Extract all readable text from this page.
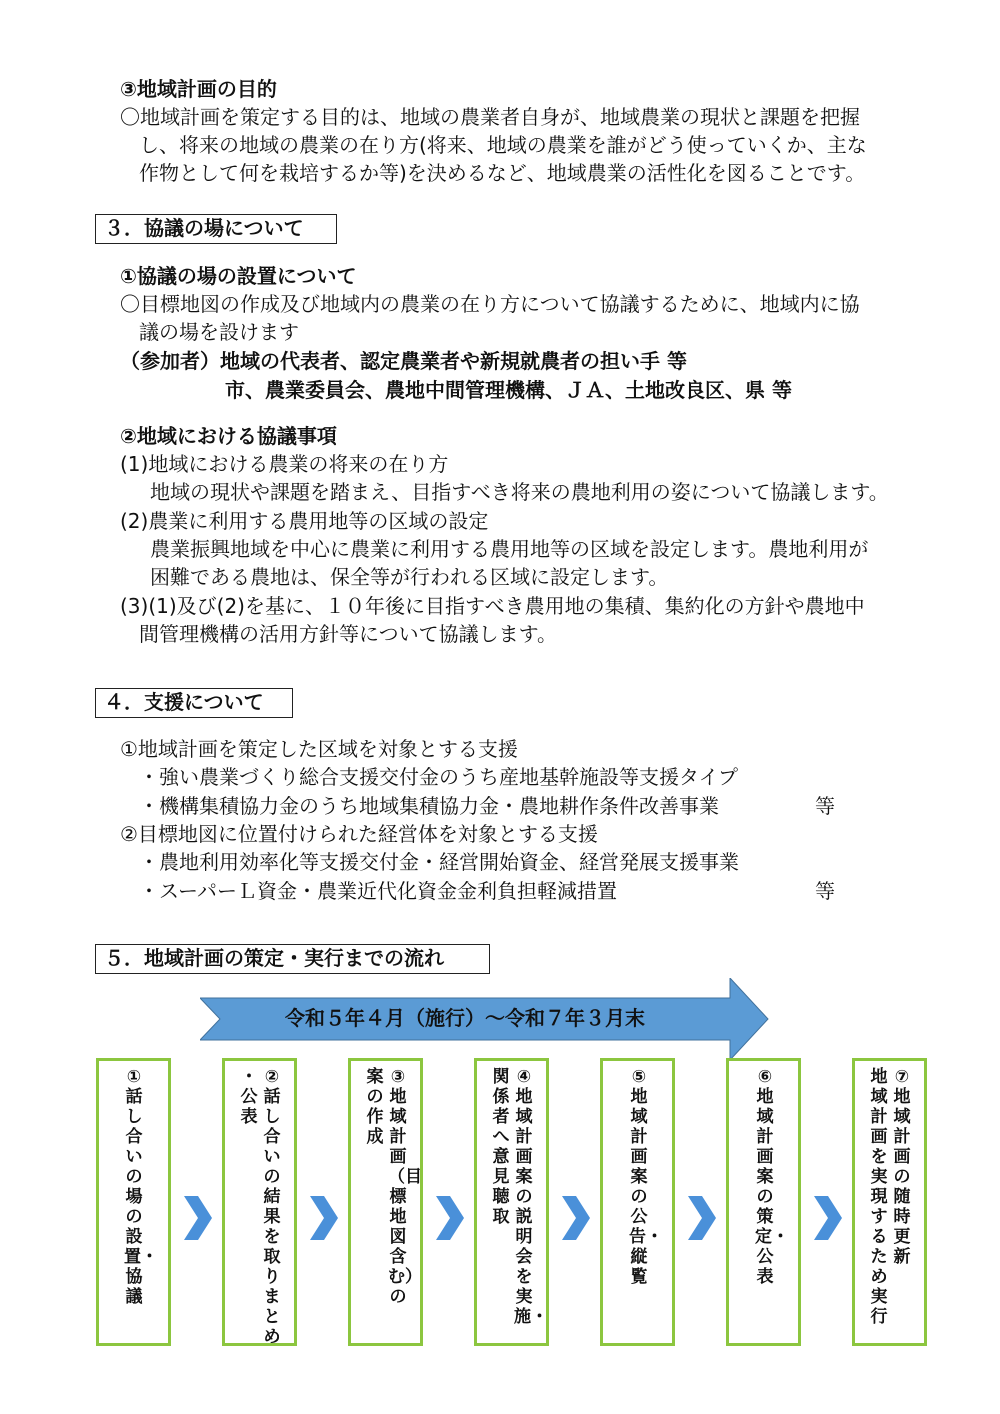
③地域計画の目的
〇地域計画を策定する目的は、地域の農業者自身が、地域農業の現状と課題を把握
し、将来の地域の農業の在り方(将来、地域の農業を誰がどう使っていくか、主な
作物として何を栽培するか等)を決めるなど、地域農業の活性化を図ることです。
３．協議の場について
①協議の場の設置について
〇目標地図の作成及び地域内の農業の在り方について協議するために、地域内に協
議の場を設けます
（参加者）地域の代表者、認定農業者や新規就農者の担い手 等
市、農業委員会、農地中間管理機構、ＪＡ、土地改良区、県 等
②地域における協議事項
(1)地域における農業の将来の在り方
地域の現状や課題を踏まえ、目指すべき将来の農地利用の姿について協議します。
(2)農業に利用する農用地等の区域の設定
農業振興地域を中心に農業に利用する農用地等の区域を設定します。農地利用が
困難である農地は、保全等が行われる区域に設定します。
(3)(1)及び(2)を基に、１０年後に目指すべき農用地の集積、集約化の方針や農地中
間管理機構の活用方針等について協議します。
４．支援について
①地域計画を策定した区域を対象とする支援
・強い農業づくり総合支援交付金のうち産地基幹施設等支援タイプ
・機構集積協力金のうち地域集積協力金・農地耕作条件改善事業	等
②目標地図に位置付けられた経営体を対象とする支援
・農地利用効率化等支援交付金・経営開始資金、経営発展支援事業
・スーパーＬ資金・農業近代化資金金利負担軽減措置	等
５．地域計画の策定・実行までの流れ
令和５年４月（施行）～令和７年３月末
①話し合いの場の設置・協議
②話し合いの結果を取りまとめ
・公表
③地域計画（目標地図含む）の
案の作成
④地域計画案の説明会を実施・
関係者へ意見聴取
⑤地域計画案の公告・縦覧
⑥地域計画案の策定・公表
⑦地域計画の随時更新
地域計画を実現するため実行
